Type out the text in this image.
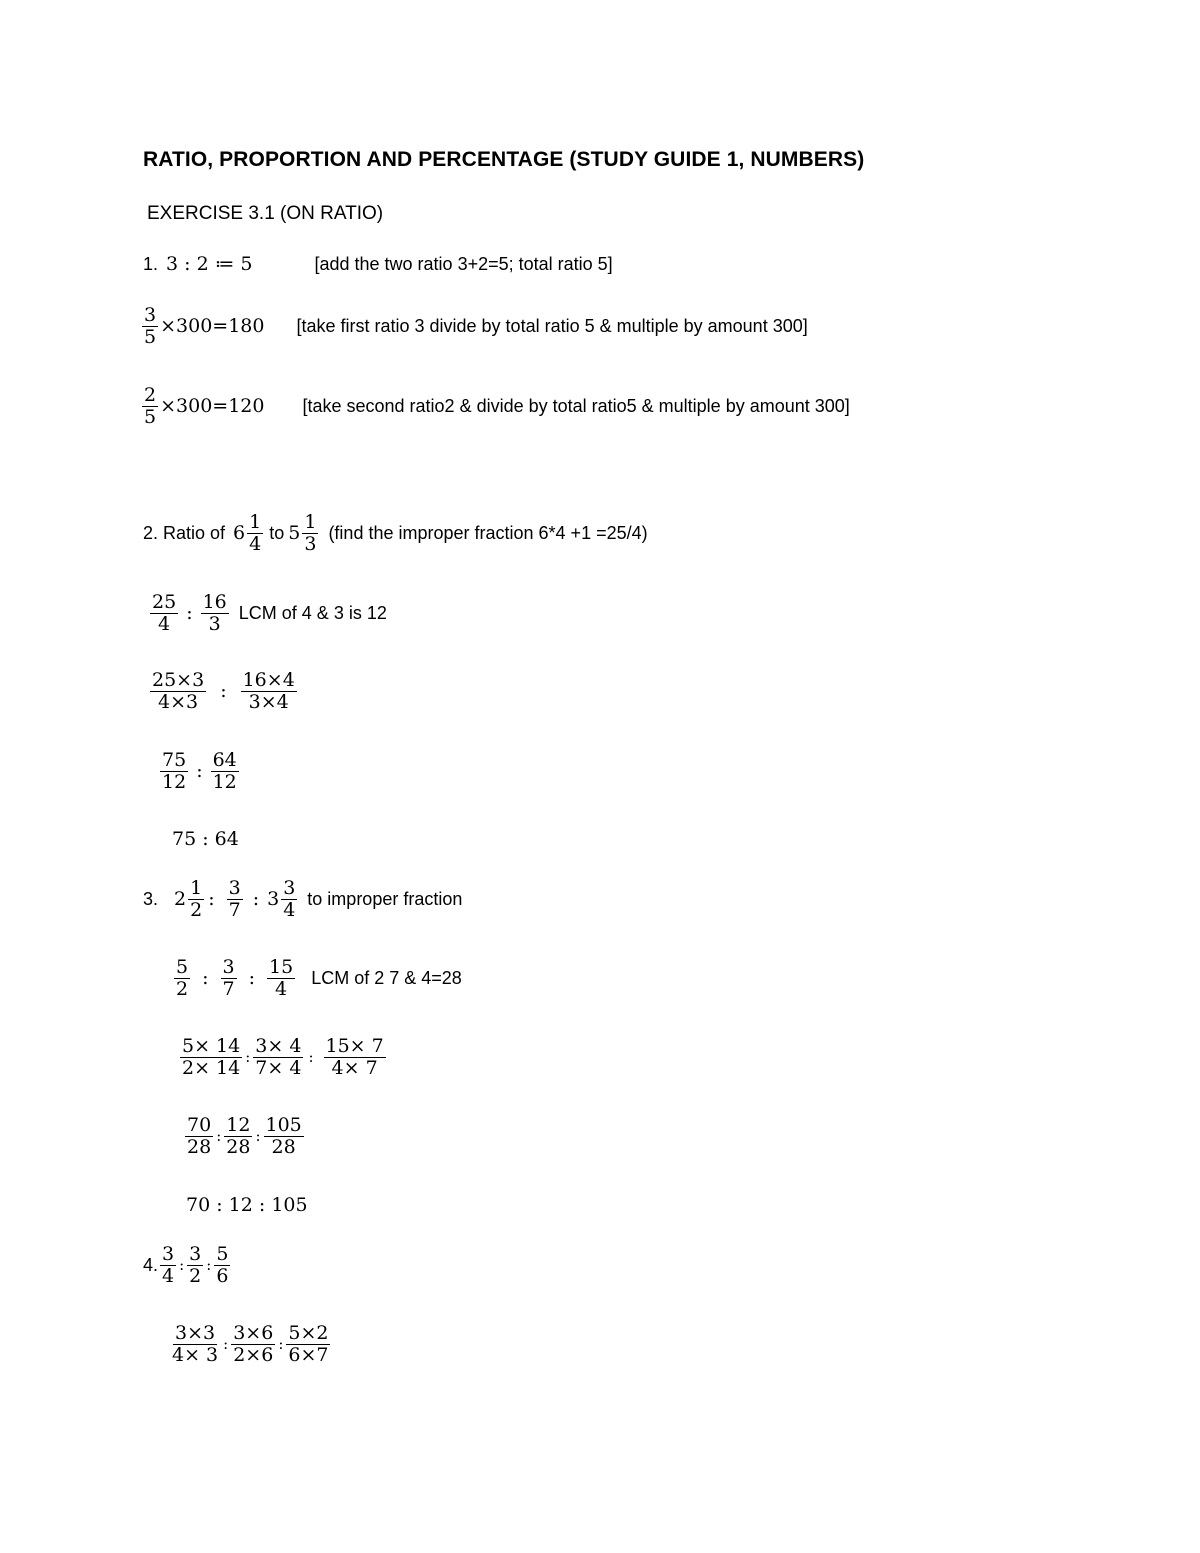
RATIO, PROPORTION AND PERCENTAGE (STUDY GUIDE 1, NUMBERS)
EXERCISE 3.1 (ON RATIO)
1. 3 : 2 ≔ 5	[add the two ratio 3+2=5; total ratio 5]
$\frac{3}{5} \times 300=180$ [take first ratio 3 divide by total ratio 5 & multiple by amount 300]
$\frac{2}{5} \times 300=120$ [take second ratio2 & divide by total ratio5 & multiple by amount 300]
2. Ratio of $6 \frac{1}{4}$ to $5 \frac{1}{3}$ (find the improper fraction 6*4 +1 =25/4)
$\frac{25}{4}$ : $\frac{16}{3}$ LCM of 4 & 3 is 12
$\frac{25\times 3}{4\times 3}$ : $\frac{16\times 4}{3\times 4}$
$\frac{75}{12}$ : $\frac{64}{12}$
75 : 64
3. $2 \frac{1}{2}$ : $\frac{3}{7}$ : $3 \frac{3}{4}$ to improper fraction
$\frac{5}{2}$ : $\frac{3}{7}$ : $\frac{15}{4}$ LCM of 2 7 & 4=28
$\frac{5\times 14}{2\times 14}$ : $\frac{3\times 4}{7\times 4}$ : $\frac{15\times 7}{4\times 7}$
$\frac{70}{28}$ : $\frac{12}{28}$ : $\frac{105}{28}$
70 : 12 : 105
4. $\frac{3}{4}$ : $\frac{3}{2}$ : $\frac{5}{6}$
$\frac{3\times 3}{4\times 3}$ : $\frac{3\times 6}{2\times 6}$ : $\frac{5\times 2}{6\times 7}$
